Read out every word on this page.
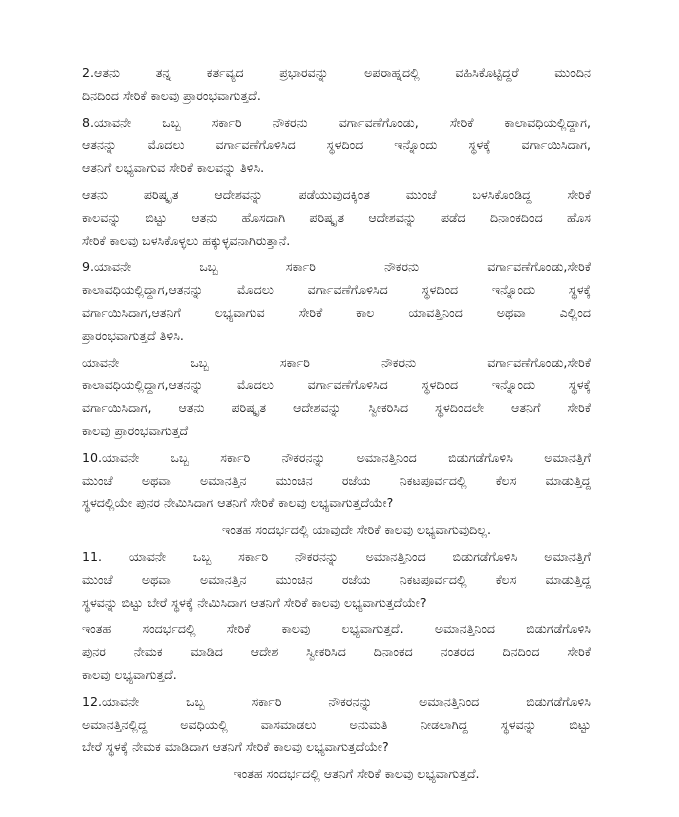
2.ಆತನು ತನ್ನ ಕರ್ತವ್ಯದ ಪ್ರಭಾರವನ್ನು ಅಪರಾಹ್ನದಲ್ಲಿ ವಹಿಸಿಕೊಟ್ಟಿದ್ದರೆ ಮುಂದಿನ
ದಿನದಿಂದ ಸೇರಿಕೆ ಕಾಲವು ಪ್ರಾರಂಭವಾಗುತ್ತದೆ.
8.ಯಾವನೇ ಒಬ್ಬ ಸರ್ಕಾರಿ ನೌಕರನು ವರ್ಗಾವಣೆಗೊಂಡು, ಸೇರಿಕೆ ಕಾಲಾವಧಿಯಲ್ಲಿದ್ದಾಗ,
ಆತನನ್ನು ಮೊದಲು ವರ್ಗಾವಣೆಗೊಳಿಸಿದ ಸ್ಥಳದಿಂದ ಇನ್ನೊಂದು ಸ್ಥಳಕ್ಕೆ ವರ್ಗಾಯಿಸಿದಾಗ,
ಆತನಿಗೆ ಲಭ್ಯವಾಗುವ ಸೇರಿಕೆ ಕಾಲವನ್ನು ತಿಳಿಸಿ.
ಆತನು ಪರಿಷ್ಕೃತ ಆದೇಶವನ್ನು ಪಡೆಯುವುದಕ್ಕಿಂತ ಮುಂಚೆ ಬಳಸಿಕೊಂಡಿದ್ದ ಸೇರಿಕೆ
ಕಾಲವನ್ನು ಬಿಟ್ಟು ಆತನು ಹೊಸದಾಗಿ ಪರಿಷ್ಕೃತ ಆದೇಶವನ್ನು ಪಡೆದ ದಿನಾಂಕದಿಂದ ಹೊಸ
ಸೇರಿಕೆ ಕಾಲವು ಬಳಸಿಕೊಳ್ಳಲು ಹಕ್ಕುಳ್ಳವನಾಗಿರುತ್ತಾನೆ.
9.ಯಾವನೇ ಒಬ್ಬ ಸರ್ಕಾರಿ ನೌಕರನು ವರ್ಗಾವಣೆಗೊಂಡು,ಸೇರಿಕೆ
ಕಾಲಾವಧಿಯಲ್ಲಿದ್ದಾಗ,ಆತನನ್ನು ಮೊದಲು ವರ್ಗಾವಣೆಗೊಳಿಸಿದ ಸ್ಥಳದಿಂದ ಇನ್ನೊಂದು ಸ್ಥಳಕ್ಕೆ
ವರ್ಗಾಯಿಸಿದಾಗ,ಆತನಿಗೆ ಲಭ್ಯವಾಗುವ ಸೇರಿಕೆ ಕಾಲ ಯಾವತ್ತಿನಿಂದ ಅಥವಾ ಎಲ್ಲಿಂದ
ಪ್ರಾರಂಭವಾಗುತ್ತದೆ ತಿಳಿಸಿ.
ಯಾವನೇ ಒಬ್ಬ ಸರ್ಕಾರಿ ನೌಕರನು ವರ್ಗಾವಣೆಗೊಂಡು,ಸೇರಿಕೆ
ಕಾಲಾವಧಿಯಲ್ಲಿದ್ದಾಗ,ಆತನನ್ನು ಮೊದಲು ವರ್ಗಾವಣೆಗೊಳಿಸಿದ ಸ್ಥಳದಿಂದ ಇನ್ನೊಂದು ಸ್ಥಳಕ್ಕೆ
ವರ್ಗಾಯಿಸಿದಾಗ, ಆತನು ಪರಿಷ್ಕೃತ ಆದೇಶವನ್ನು ಸ್ವೀಕರಿಸಿದ ಸ್ಥಳದಿಂದಲೇ ಆತನಿಗೆ ಸೇರಿಕೆ
ಕಾಲವು ಪ್ರಾರಂಭವಾಗುತ್ತದೆ
10.ಯಾವನೇ ಒಬ್ಬ ಸರ್ಕಾರಿ ನೌಕರನನ್ನು ಅಮಾನತ್ತಿನಿಂದ ಬಿಡುಗಡೆಗೊಳಿಸಿ ಅಮಾನತ್ತಿಗೆ
ಮುಂಚೆ ಅಥವಾ ಅಮಾನತ್ತಿನ ಮುಂಚಿನ ರಜೆಯ ನಿಕಟಪೂರ್ವದಲ್ಲಿ ಕೆಲಸ ಮಾಡುತ್ತಿದ್ದ
ಸ್ಥಳದಲ್ಲಿಯೇ ಪುನರ ನೇಮಿಸಿದಾಗ ಆತನಿಗೆ ಸೇರಿಕೆ ಕಾಲವು ಲಭ್ಯವಾಗುತ್ತದೆಯೇ?
ಇಂತಹ ಸಂದರ್ಭದಲ್ಲಿ ಯಾವುದೇ ಸೇರಿಕೆ ಕಾಲವು ಲಭ್ಯವಾಗುವುದಿಲ್ಲ.
11. ಯಾವನೇ ಒಬ್ಬ ಸರ್ಕಾರಿ ನೌಕರನನ್ನು ಅಮಾನತ್ತಿನಿಂದ ಬಿಡುಗಡೆಗೊಳಿಸಿ ಅಮಾನತ್ತಿಗೆ
ಮುಂಚೆ ಅಥವಾ ಅಮಾನತ್ತಿನ ಮುಂಚಿನ ರಜೆಯ ನಿಕಟಪೂರ್ವದಲ್ಲಿ ಕೆಲಸ ಮಾಡುತ್ತಿದ್ದ
ಸ್ಥಳವನ್ನು ಬಿಟ್ಟು ಬೇರೆ ಸ್ಥಳಕ್ಕೆ ನೇಮಿಸಿದಾಗ ಆತನಿಗೆ ಸೇರಿಕೆ ಕಾಲವು ಲಭ್ಯವಾಗುತ್ತದೆಯೇ?
ಇಂತಹ ಸಂದರ್ಭದಲ್ಲಿ ಸೇರಿಕೆ ಕಾಲವು ಲಭ್ಯವಾಗುತ್ತದೆ. ಅಮಾನತ್ತಿನಿಂದ ಬಿಡುಗಡೆಗೊಳಿಸಿ
ಪುನರ ನೇಮಕ ಮಾಡಿದ ಆದೇಶ ಸ್ವೀಕರಿಸಿದ ದಿನಾಂಕದ ನಂತರದ ದಿನದಿಂದ ಸೇರಿಕೆ
ಕಾಲವು ಲಭ್ಯವಾಗುತ್ತದೆ.
12.ಯಾವನೇ ಒಬ್ಬ ಸರ್ಕಾರಿ ನೌಕರನನ್ನು ಅಮಾನತ್ತಿನಿಂದ ಬಿಡುಗಡೆಗೊಳಿಸಿ
ಅಮಾನತ್ತಿನಲ್ಲಿದ್ದ ಅವಧಿಯಲ್ಲಿ ವಾಸಮಾಡಲು ಅನುಮತಿ ನೀಡಲಾಗಿದ್ದ ಸ್ಥಳವನ್ನು ಬಿಟ್ಟು
ಬೇರೆ ಸ್ಥಳಕ್ಕೆ ನೇಮಕ ಮಾಡಿದಾಗ ಆತನಿಗೆ ಸೇರಿಕೆ ಕಾಲವು ಲಭ್ಯವಾಗುತ್ತದೆಯೇ?
ಇಂತಹ ಸಂದರ್ಭದಲ್ಲಿ ಆತನಿಗೆ ಸೇರಿಕೆ ಕಾಲವು ಲಭ್ಯವಾಗುತ್ತದೆ.
